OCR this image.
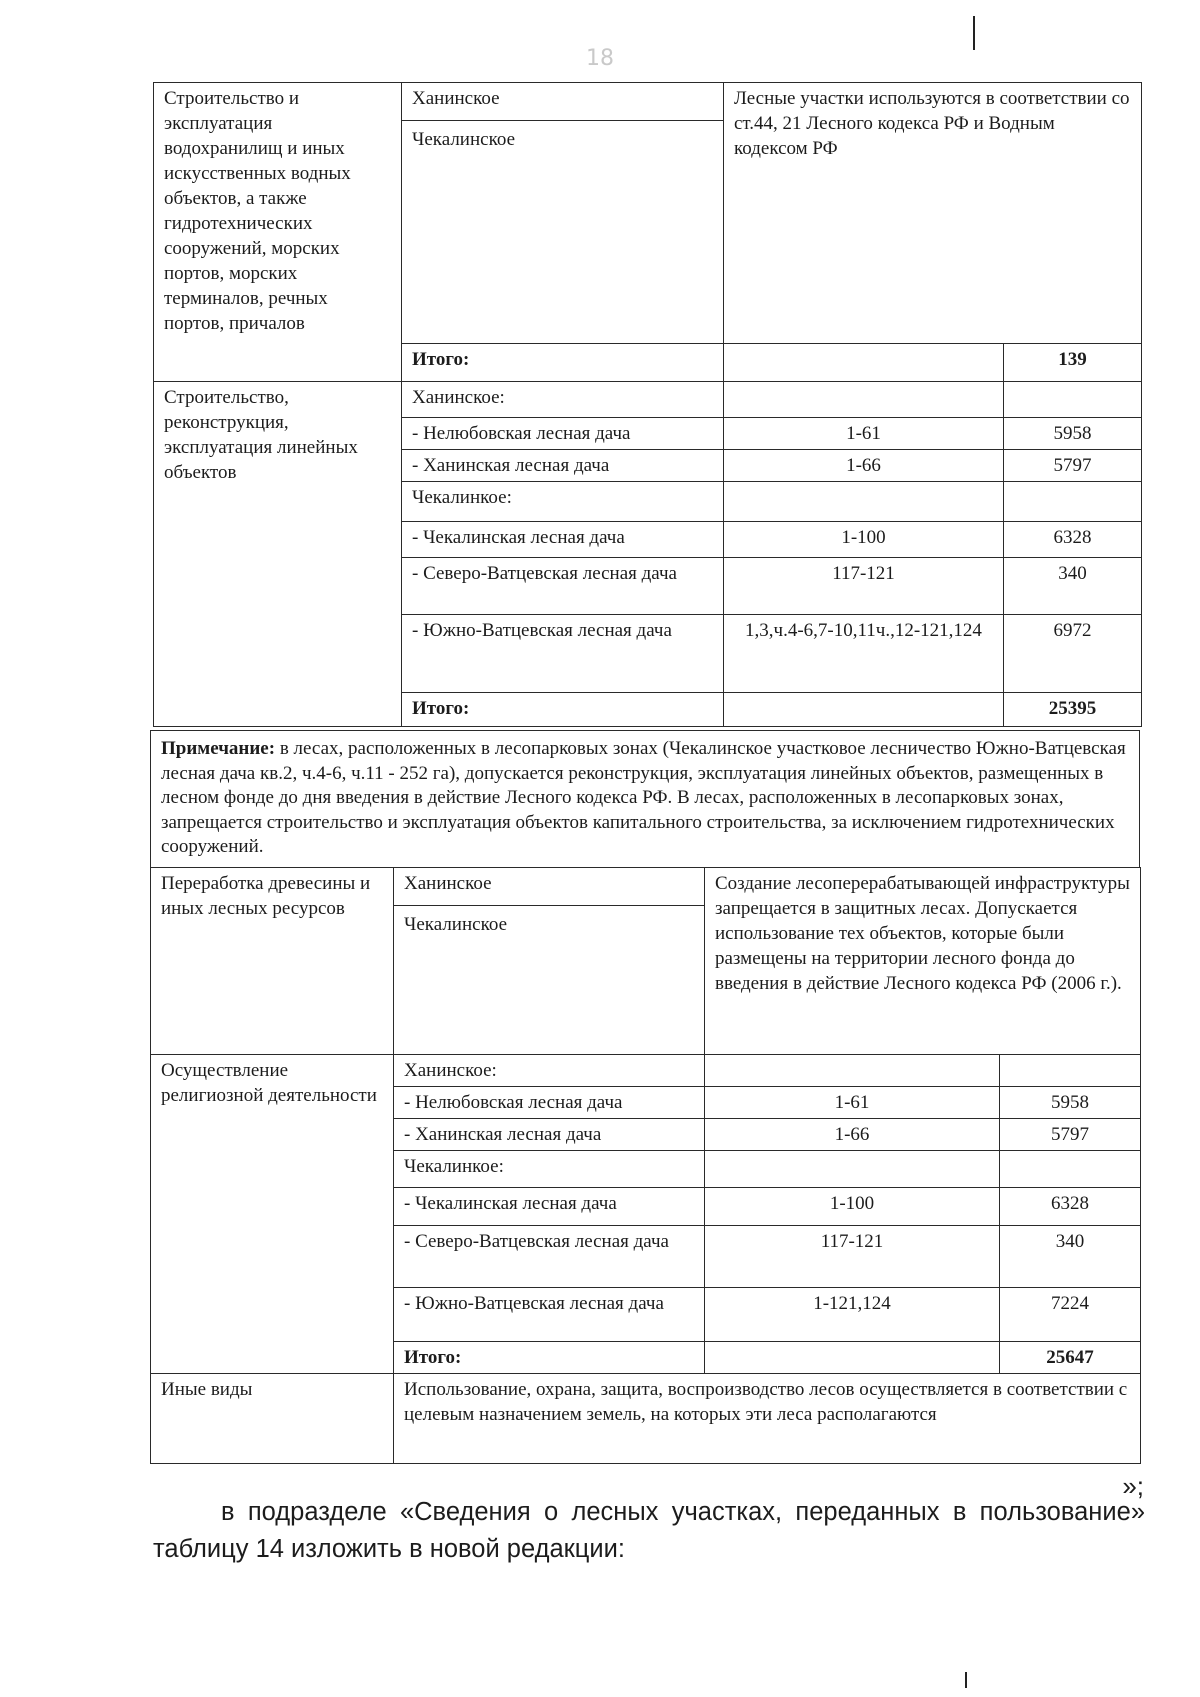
18
Строительство и эксплуатация водохранилищ и иных искусственных водных объектов, а также гидротехнических сооружений, морских портов, морских терминалов, речных портов, причалов	Ханинское
Чекалинское	Лесные участки используются в соответствии со ст.44, 21 Лесного кодекса РФ и Водным кодексом РФ	
	Итого:		139
Строительство, реконструкция, эксплуатация линейных объектов	Ханинское:		
	- Нелюбовская лесная дача	1-61	5958
	- Ханинская лесная дача	1-66	5797
	Чекалинкое:		
	- Чекалинская лесная дача	1-100	6328
	- Северо-Ватцевская лесная дача	117-121	340
	- Южно-Ватцевская лесная дача	1,3,ч.4-6,7-10,11ч.,12-121,124	6972
	Итого:		25395
Примечание: в лесах, расположенных в лесопарковых зонах (Чекалинское участковое лесничество Южно-Ватцевская лесная дача кв.2, ч.4-6, ч.11 - 252 га), допускается реконструкция, эксплуатация линейных объектов, размещенных в лесном фонде до дня введения в действие Лесного кодекса РФ. В лесах, расположенных в лесопарковых зонах, запрещается строительство и эксплуатация объектов капитального строительства, за исключением гидротехнических сооружений.
Переработка древесины и иных лесных ресурсов	Ханинское
Чекалинское	Создание лесоперерабатывающей инфраструктуры запрещается в защитных лесах. Допускается использование тех объектов, которые были размещены на территории лесного фонда до введения в действие Лесного кодекса РФ (2006 г.).	
Осуществление религиозной деятельности	Ханинское:		
	- Нелюбовская лесная дача	1-61	5958
	- Ханинская лесная дача	1-66	5797
	Чекалинкое:		
	- Чекалинская лесная дача	1-100	6328
	- Северо-Ватцевская лесная дача	117-121	340
	- Южно-Ватцевская лесная дача	1-121,124	7224
	Итого:		25647
Иные виды	Использование, охрана, защита, воспроизводство лесов осуществляется в соответствии с целевым назначением земель, на которых эти леса располагаются		
»;
в подразделе «Сведения о лесных участках, переданных в пользование» таблицу 14 изложить в новой редакции:
